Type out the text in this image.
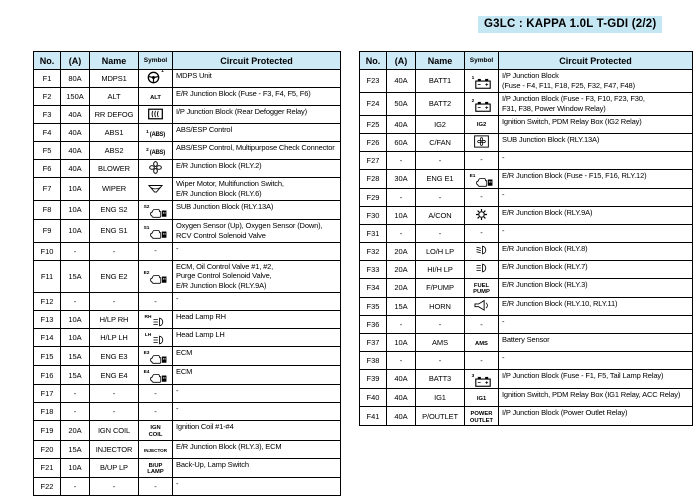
G3LC : KAPPA 1.0L T-GDI (2/2)
No.	(A)	Name	Symbol	Circuit Protected
F1	80A	MDPS1	1	MDPS Unit

F2	150A	ALT	ALT	E/R Junction Block (Fuse - F3, F4, F5, F6)

F3	40A	RR DEFOG		I/P Junction Block (Rear Defogger Relay)

F4	40A	ABS1	1 (ABS)	ABS/ESP Control

F5	40A	ABS2	2 (ABS)	ABS/ESP Control, Multipurpose Check Connector

F6	40A	BLOWER		E/R Junction Block (RLY.2)

F7	10A	WIPER		Wiper Motor, Multifunction Switch,
E/R Junction Block (RLY.6)

F8	10A	ENG S2	S2	SUB Junction Block (RLY.13A)

F9	10A	ENG S1	S1	Oxygen Sensor (Up), Oxygen Sensor (Down),
RCV Control Solenoid Valve

F10	-	-	-	-

F11	15A	ENG E2	E2	ECM, Oil Control Valve #1, #2,
Purge Control Solenoid Valve,
E/R Junction Block (RLY.9A)

F12	-	-	-	-

F13	10A	H/LP RH	RH	Head Lamp RH

F14	10A	H/LP LH	LH	Head Lamp LH

F15	15A	ENG E3	E3	ECM

F16	15A	ENG E4	E4	ECM

F17	-	-	-	-

F18	-	-	-	-

F19	20A	IGN COIL	IGN
COIL	Ignition Coil #1-#4

F20	15A	INJECTOR	INJECTOR	E/R Junction Block (RLY.3), ECM

F21	10A	B/UP LP	B/UP
LAMP	Back-Up, Lamp Switch

F22	-	-	-	-
No.	(A)	Name	Symbol	Circuit Protected
F23	40A	BATT1	1	I/P Junction Block
(Fuse - F4, F11, F18, F25, F32, F47, F48)

F24	50A	BATT2	2	I/P Junction Block (Fuse - F3, F10, F23, F30,
F31, F38, Power Window Relay)

F25	40A	IG2	IG2	Ignition Switch, PDM Relay Box (IG2 Relay)

F26	60A	C/FAN		SUB Junction Block (RLY.13A)

F27	-	-	-	-

F28	30A	ENG E1	E1	E/R Junction Block (Fuse - F15, F16, RLY.12)

F29	-	-	-	-

F30	10A	A/CON		E/R Junction Block (RLY.9A)

F31	-	-	-	-

F32	20A	LO/H LP		E/R Junction Block (RLY.8)

F33	20A	HI/H LP		E/R Junction Block (RLY.7)

F34	20A	F/PUMP	FUEL
PUMP	E/R Junction Block (RLY.3)

F35	15A	HORN		E/R Junction Block (RLY.10, RLY.11)

F36	-	-	-	-

F37	10A	AMS	AMS	Battery Sensor

F38	-	-	-	-

F39	40A	BATT3	3	I/P Junction Block (Fuse - F1, F5, Tail Lamp Relay)

F40	40A	IG1	IG1	Ignition Switch, PDM Relay Box (IG1 Relay, ACC Relay)

F41	40A	P/OUTLET	POWER
OUTLET	I/P Junction Block (Power Outlet Relay)
